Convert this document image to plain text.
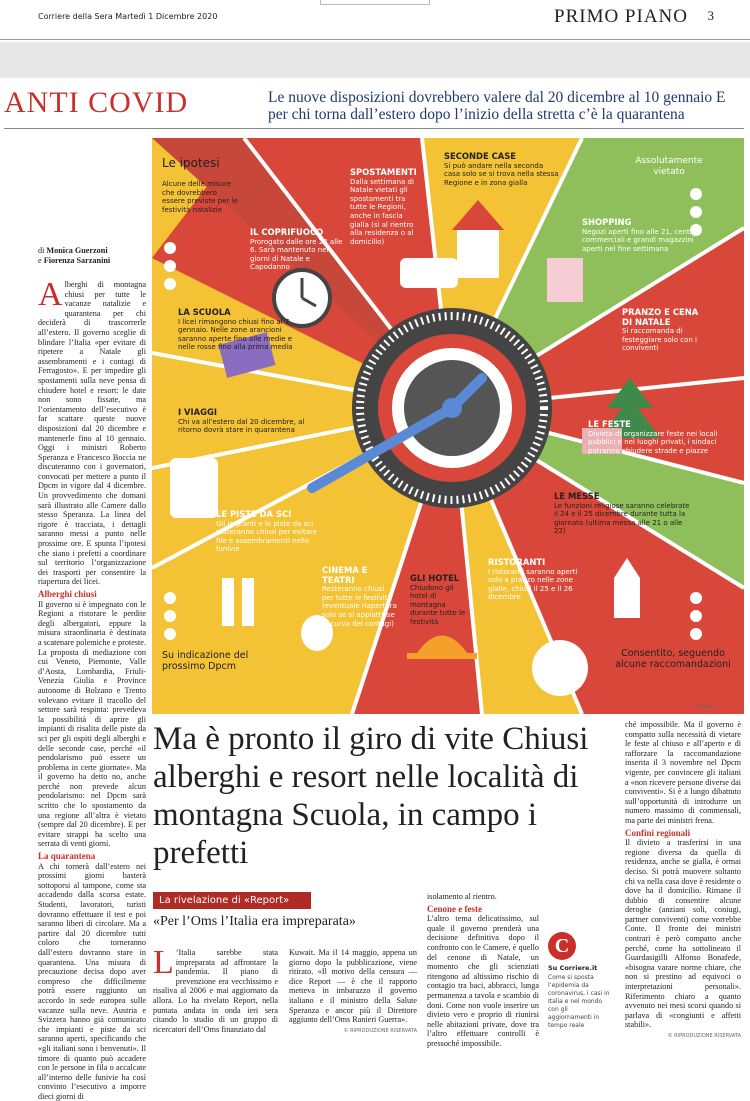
Corriere della Sera Martedì 1 Dicembre 2020	PRIMO PIANO 3
ANTI COVID	Le nuove disposizioni dovrebbero valere dal 20 dicembre al 10 gennaio E per chi torna dall’estero dopo l’inizio della stretta c’è la quarantena
Le ipotesi
Alcune delle misure che dovrebbero essere previste per le festività natalizie
Assolutamente vietato
SPOSTAMENTI
Dalla settimana di Natale vietati gli spostamenti tra tutte le Regioni, anche in fascia gialla (sì al rientro alla residenza o al domicilio)
SECONDE CASE
Si può andare nella seconda casa solo se si trova nella stessa Regione e in zona gialla
SHOPPING
Negozi aperti fino alle 21, centri commerciali e grandi magazzini aperti nel fine settimana
IL COPRIFUOCO
Prorogato dalle ore 22 alle 6. Sarà mantenuto nei giorni di Natale e Capodanno
PRANZO E CENA DI NATALE
Si raccomanda di festeggiare solo con i conviventi
LA SCUOLA
I licei rimangono chiusi fino al 7 gennaio. Nelle zone arancioni saranno aperte fino alle medie e nelle rosse fino alla prima media
I VIAGGI
Chi va all’estero dal 20 dicembre, al ritorno dovrà stare in quarantena
LE FESTE
Divieto di organizzare feste nei locali pubblici e nei luoghi privati, i sindaci potranno chiudere strade e piazze
LE PISTE DA SCI
Gli impianti e le piste da sci resteranno chiusi per evitare file e assembramenti nelle funivie
LE MESSE
Le funzioni religiose saranno celebrate il 24 e il 25 dicembre durante tutta la giornata (ultima messa alle 21 o alle 22)
CINEMA E TEATRI
Resteranno chiusi per tutte le festività (eventuale riapertura solo se si appiattisse la curva dei contagi)
GLI HOTEL
Chiudono gli hotel di montagna durante tutte le festività
RISTORANTI
I ristoranti saranno aperti solo a pranzo nelle zone gialle, chiusi il 25 e il 26 dicembre
Su indicazione del prossimo Dpcm
Consentito, seguendo alcune raccomandazioni
Pyarra
di Monica Guerzoni
e Fiorenza Sarzanini
Alberghi di montagna chiusi per tutte le vacanze natalizie e quarantena per chi deciderà di trascorrerle all’estero. Il governo sceglie di blindare l’Italia «per evitare di ripetere a Natale gli assembramenti e i contagi di Ferragosto». E per impedire gli spostamenti sulla neve pensa di chiudere hotel e resort: le date non sono fissate, ma l’orientamento dell’esecutivo è far scattare queste nuove disposizioni dal 20 dicembre e mantenerle fino al 10 gennaio. Oggi i ministri Roberto Speranza e Francesco Boccia ne discuteranno con i governatori, convocati per mettere a punto il Dpcm in vigore dal 4 dicembre. Un provvedimento che domani sarà illustrato alle Camere dallo stesso Speranza. La linea del rigore è tracciata, i dettagli saranno messi a punto nelle prossime ore. E spunta l’ipotesi che siano i prefetti a coordinare sul territorio l’organizzazione dei trasporti per consentire la riapertura dei licei.
Alberghi chiusi
Il governo si è impegnato con le Regioni a ristorare le perdite degli albergatori, eppure la misura straordinaria è destinata a scatenare polemiche e proteste. La proposta di mediazione con cui Veneto, Piemonte, Valle d’Aosta, Lombardia, Friuli-Venezia Giulia e Province autonome di Bolzano e Trento volevano evitare il tracollo del settore sarà respinta: prevedeva la possibilità di aprire gli impianti di risalita delle piste da sci per gli ospiti degli alberghi e delle seconde case, perché «il pendolarismo può essere un problema in certe giornate». Ma il governo ha detto no, anche perché non prevede alcun pendolarismo: nel Dpcm sarà scritto che lo spostamento da una regione all’altra è vietato (sempre dal 20 dicembre). E per evitare strappi ha scelto una serrata di venti giorni.
La quarantena
A chi tornerà dall’estero nei prossimi giorni basterà sottoporsi al tampone, come sta accadendo dalla scorsa estate. Studenti, lavoratori, turisti dovranno effettuare il test e poi saranno liberi di circolare. Ma a partire dal 20 dicembre tutti coloro che torneranno dall’estero dovranno stare in quarantena. Una misura di precauzione decisa dopo aver compreso che difficilmente potrà essere raggiunto un accordo in sede europea sulle vacanze sulla neve. Austria e Svizzera hanno già comunicato che impianti e piste da sci saranno aperti, specificando che «gli italiani sono i benvenuti». Il timore di quanto può accadere con le persone in fila o accalcate all’interno delle funivie ha così convinto l’esecutivo a imporre dieci giorni di
Ma è pronto il giro di vite Chiusi alberghi e resort nelle località di montagna Scuola, in campo i prefetti
La rivelazione di «Report»
«Per l’Oms l’Italia era impreparata»
L ’Italia sarebbe stata impreparata ad affrontare la pandemia. Il piano di prevenzione era vecchissimo e risaliva al 2006 e mai aggiornato da allora. Lo ha rivelato Report, nella puntata andata in onda ieri sera citando lo studio di un gruppo di ricercatori dell’Oms finanziato dal
Kuwait. Ma il 14 maggio, appena un giorno dopo la pubblicazione, viene ritirato. «Il motivo della censura — dice Report — è che il rapporto metteva in imbarazzo il governo italiano e il ministro della Salute Speranza e ancor più il Direttore aggiunto dell’Oms Ranieri Guerra».
© RIPRODUZIONE RISERVATA
isolamento al rientro.
Cenone e feste
L’altro tema delicatissimo, sul quale il governo prenderà una decisione definitiva dopo il confronto con le Camere, è quello del cenone di Natale, un momento che gli scienziati ritengono ad altissimo rischio di contagio tra baci, abbracci, lunga permanenza a tavola e scambio di doni. Come non vuole inserire un divieto vero e proprio di riunirsi nelle abitazioni private, dove tra l’altro effettuare controlli è pressoché impossibile.
C
Su Corriere.it
Come si sposta l’epidemia da coronavirus, i casi in Italia e nel mondo con gli aggiornamenti in tempo reale
ché impossibile. Ma il governo è compatto sulla necessità di vietare le feste al chiuso e all’aperto e di rafforzare la raccomandazione inserita il 3 novembre nel Dpcm vigente, per convincere gli italiani a «non ricevere persone diverse dai conviventi». Si è a lungo dibattuto sull’opportunità di introdurre un numero massimo di commensali, ma parte dei ministri frena.
Confini regionali
Il divieto a trasferirsi in una regione diversa da quella di residenza, anche se gialla, è ormai deciso. Si potrà muovere soltanto chi va nella casa dove è residente o dove ha il domicilio. Rimane il dubbio di consentire alcune deroghe (anziani soli, coniugi, partner conviventi) come vorrebbe Conte. Il fronte dei ministri contrari è però compatto anche perché, come ha sottolineato il Guardasigilli Alfonso Bonafede, «bisogna varare norme chiare, che non si prestino ad equivoci o interpretazioni personali». Riferimento chiaro a quanto avvenuto nei mesi scorsi quando si parlava di «congiunti e affetti stabili».
© RIPRODUZIONE RISERVATA
